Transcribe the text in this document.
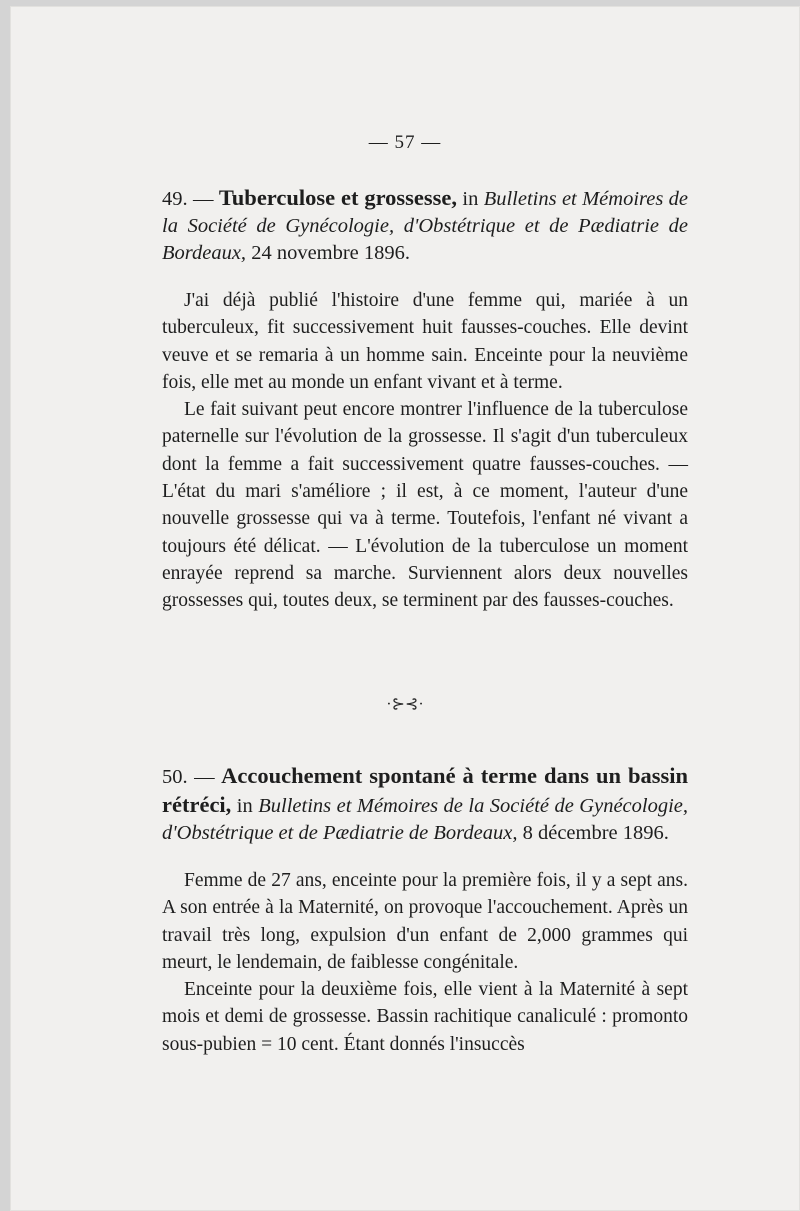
— 57 —

49. — Tuberculose et grossesse, in Bulletins et Mémoires de la Société de Gynécologie, d'Obstétrique et de Pædiatrie de Bordeaux, 24 novembre 1896.

J'ai déjà publié l'histoire d'une femme qui, mariée à un tuberculeux, fit successivement huit fausses-couches. Elle devint veuve et se remaria à un homme sain. Enceinte pour la neuvième fois, elle met au monde un enfant vivant et à terme.

Le fait suivant peut encore montrer l'influence de la tuberculose paternelle sur l'évolution de la grossesse. Il s'agit d'un tuberculeux dont la femme a fait successivement quatre fausses-couches. — L'état du mari s'améliore ; il est, à ce moment, l'auteur d'une nouvelle grossesse qui va à terme. Toutefois, l'enfant né vivant a toujours été délicat. — L'évolution de la tuberculose un moment enrayée reprend sa marche. Surviennent alors deux nouvelles grossesses qui, toutes deux, se terminent par des fausses-couches.

·⊱⊰·

50. — Accouchement spontané à terme dans un bassin rétréci, in Bulletins et Mémoires de la Société de Gynécologie, d'Obstétrique et de Pædiatrie de Bordeaux, 8 décembre 1896.

Femme de 27 ans, enceinte pour la première fois, il y a sept ans. A son entrée à la Maternité, on provoque l'accouchement. Après un travail très long, expulsion d'un enfant de 2,000 grammes qui meurt, le lendemain, de faiblesse congénitale.

Enceinte pour la deuxième fois, elle vient à la Maternité à sept mois et demi de grossesse. Bassin rachitique canaliculé : promonto sous-pubien = 10 cent. Étant donnés l'insuccès
